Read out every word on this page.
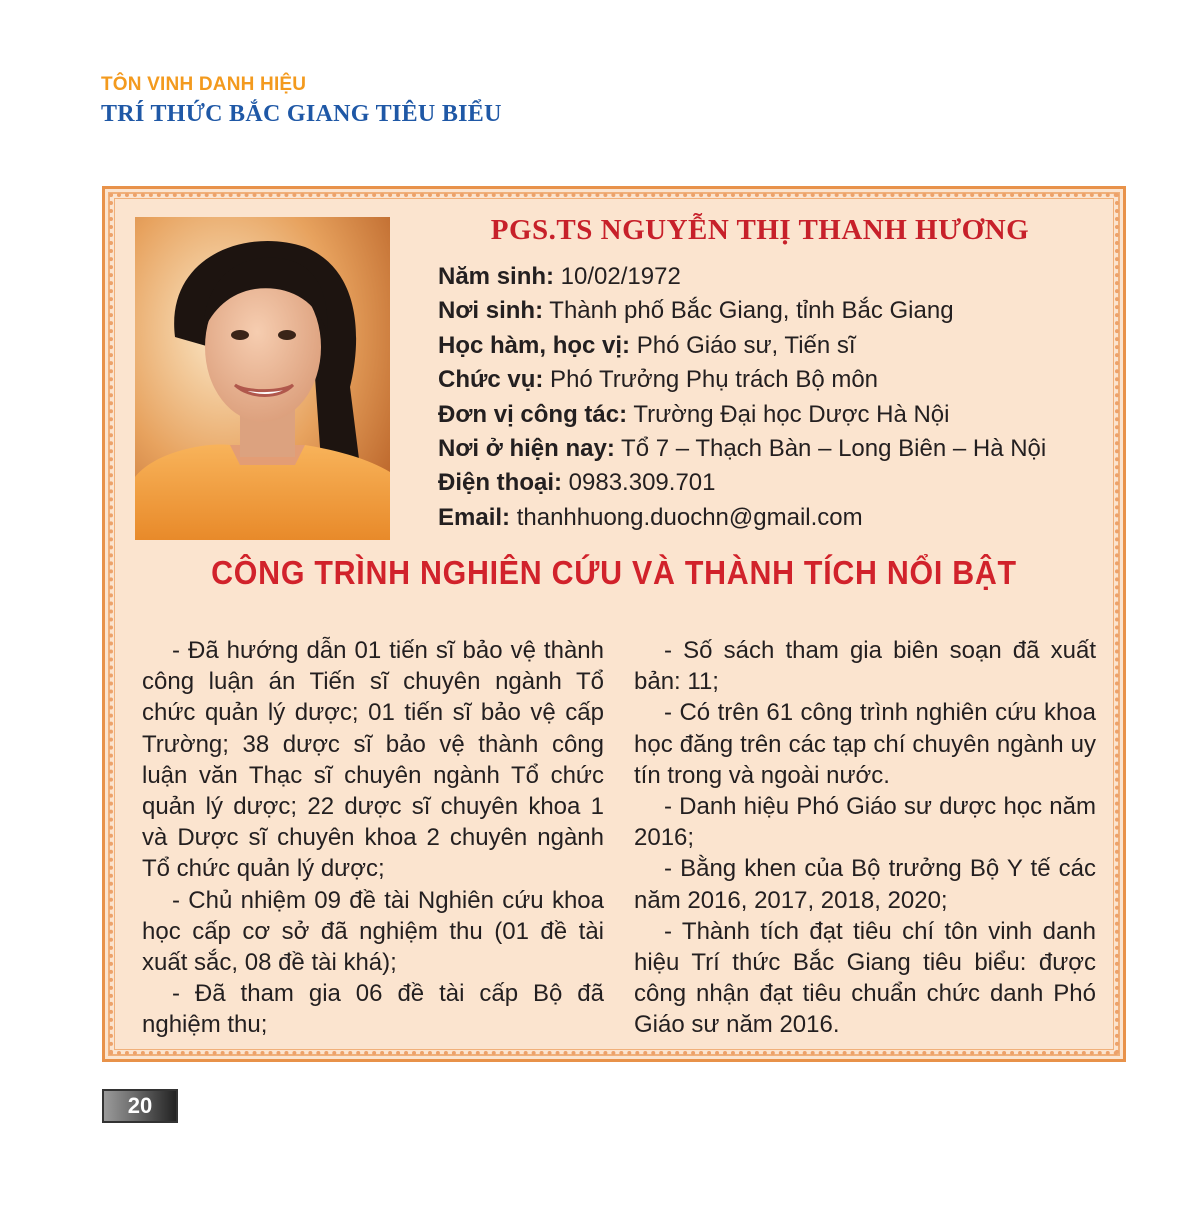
TÔN VINH DANH HIỆU
TRÍ THỨC BẮC GIANG TIÊU BIỂU
PGS.TS NGUYỄN THỊ THANH HƯƠNG
Năm sinh: 10/02/1972
Nơi sinh: Thành phố Bắc Giang, tỉnh Bắc Giang
Học hàm, học vị: Phó Giáo sư, Tiến sĩ
Chức vụ: Phó Trưởng Phụ trách Bộ môn
Đơn vị công tác: Trường Đại học Dược Hà Nội
Nơi ở hiện nay: Tổ 7 – Thạch Bàn – Long Biên – Hà Nội
Điện thoại: 0983.309.701
Email: thanhhuong.duochn@gmail.com
CÔNG TRÌNH NGHIÊN CỨU VÀ THÀNH TÍCH NỔI BẬT

- Đã hướng dẫn 01 tiến sĩ bảo vệ thành công luận án Tiến sĩ chuyên ngành Tổ chức quản lý dược; 01 tiến sĩ bảo vệ cấp Trường; 38 dược sĩ bảo vệ thành công luận văn Thạc sĩ chuyên ngành Tổ chức quản lý dược; 22 dược sĩ chuyên khoa 1 và Dược sĩ chuyên khoa 2 chuyên ngành Tổ chức quản lý dược;

- Chủ nhiệm 09 đề tài Nghiên cứu khoa học cấp cơ sở đã nghiệm thu (01 đề tài xuất sắc, 08 đề tài khá);

- Đã tham gia 06 đề tài cấp Bộ đã nghiệm thu;

- Số sách tham gia biên soạn đã xuất bản: 11;

- Có trên 61 công trình nghiên cứu khoa học đăng trên các tạp chí chuyên ngành uy tín trong và ngoài nước.

- Danh hiệu Phó Giáo sư dược học năm 2016;

- Bằng khen của Bộ trưởng Bộ Y tế các năm 2016, 2017, 2018, 2020;

- Thành tích đạt tiêu chí tôn vinh danh hiệu Trí thức Bắc Giang tiêu biểu: được công nhận đạt tiêu chuẩn chức danh Phó Giáo sư năm 2016.

20
